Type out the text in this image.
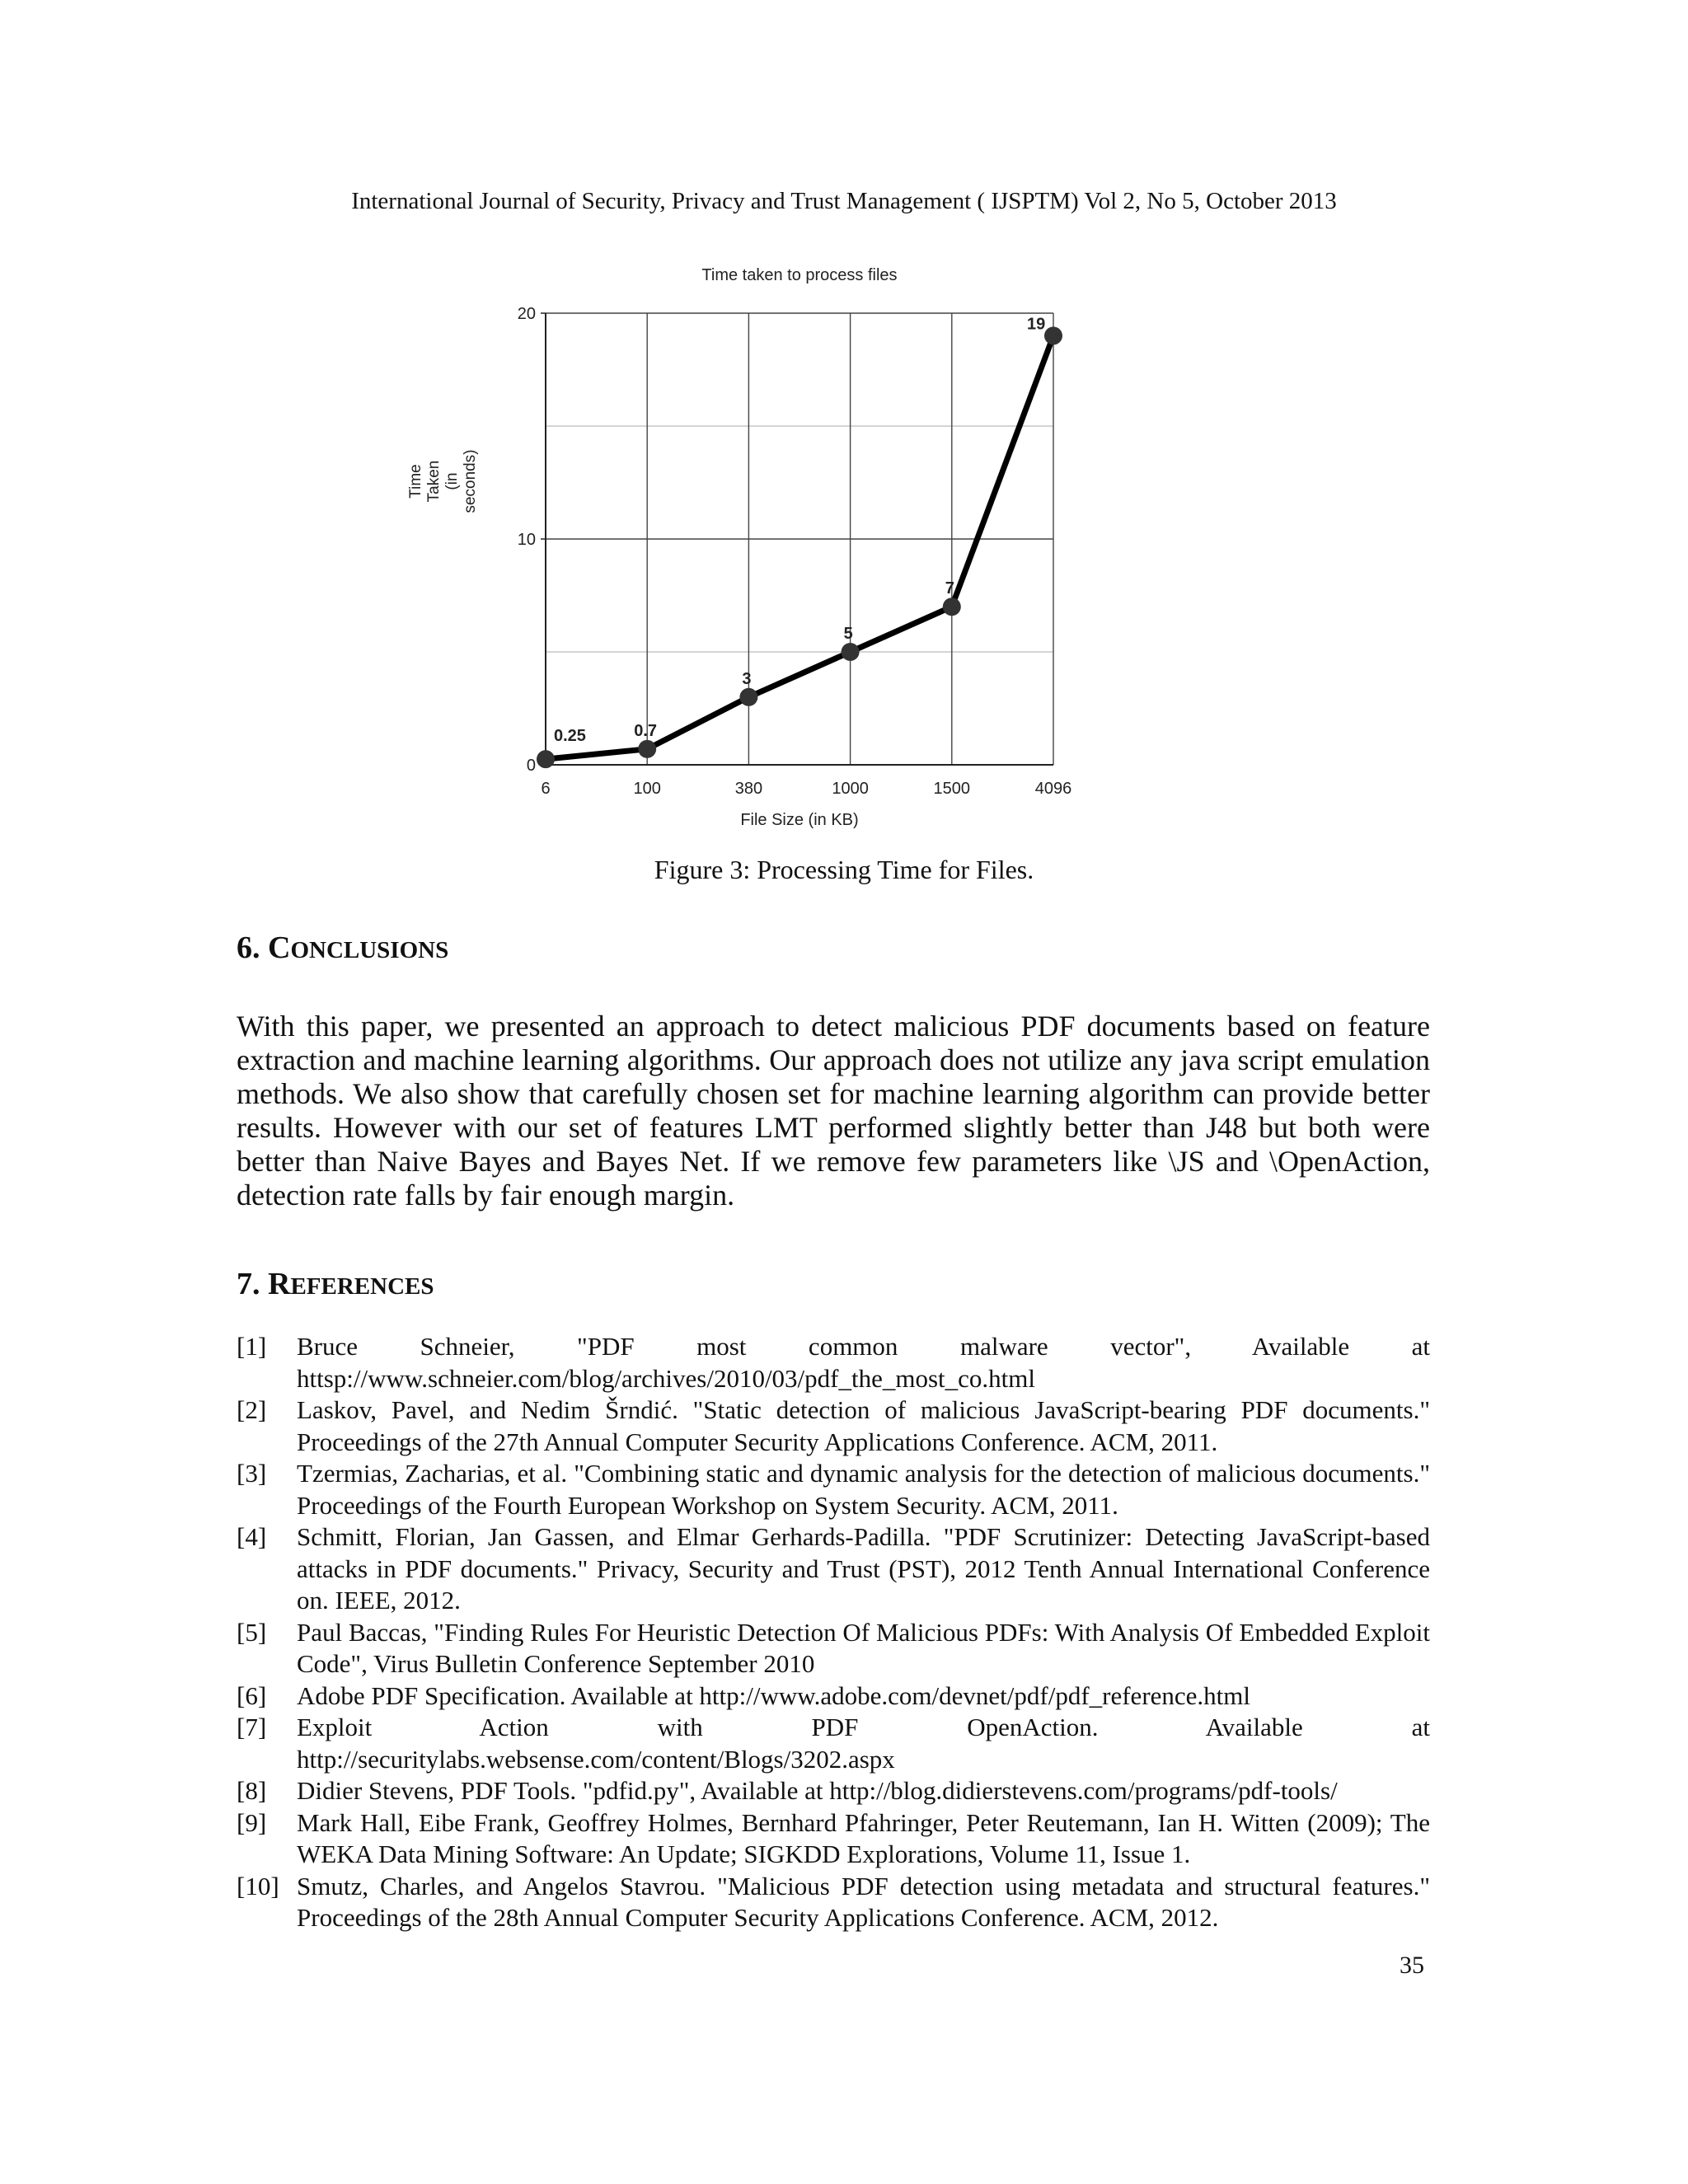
International Journal of Security, Privacy and Trust Management ( IJSPTM) Vol 2, No 5, October 2013
Time taken to process files
0
10
20
6	100	380	1000	1500	4096
File Size (in KB)
Time Taken (in seconds)
0.25	0.7
3
5
7
19
Figure 3: Processing Time for Files.
6. CONCLUSIONS
With this paper, we presented an approach to detect malicious PDF documents based on feature extraction and machine learning algorithms. Our approach does not utilize any java script emulation methods. We also show that carefully chosen set for machine learning algorithm can provide better results. However with our set of features LMT performed slightly better than J48 but both were better than Naive Bayes and Bayes Net. If we remove few parameters like \JS and \OpenAction, detection rate falls by fair enough margin.
7. REFERENCES
[1]	Bruce Schneier, "PDF most common malware vector", Available at
httsp://www.schneier.com/blog/archives/2010/03/pdf_the_most_co.html
[2]	Laskov, Pavel, and Nedim Šrndić. "Static detection of malicious JavaScript-bearing PDF documents." Proceedings of the 27th Annual Computer Security Applications Conference. ACM, 2011.
[3]	Tzermias, Zacharias, et al. "Combining static and dynamic analysis for the detection of malicious documents." Proceedings of the Fourth European Workshop on System Security. ACM, 2011.
[4]	Schmitt, Florian, Jan Gassen, and Elmar Gerhards-Padilla. "PDF Scrutinizer: Detecting JavaScript-based attacks in PDF documents." Privacy, Security and Trust (PST), 2012 Tenth Annual International Conference on. IEEE, 2012.
[5]	Paul Baccas, "Finding Rules For Heuristic Detection Of Malicious PDFs: With Analysis Of Embedded Exploit Code", Virus Bulletin Conference September 2010
[6]	Adobe PDF Specification. Available at http://www.adobe.com/devnet/pdf/pdf_reference.html
[7]	Exploit Action with PDF OpenAction. Available at
http://securitylabs.websense.com/content/Blogs/3202.aspx
[8]	Didier Stevens, PDF Tools. "pdfid.py", Available at http://blog.didierstevens.com/programs/pdf-tools/
[9]	Mark Hall, Eibe Frank, Geoffrey Holmes, Bernhard Pfahringer, Peter Reutemann, Ian H. Witten (2009); The WEKA Data Mining Software: An Update; SIGKDD Explorations, Volume 11, Issue 1.
[10] Smutz, Charles, and Angelos Stavrou. "Malicious PDF detection using metadata and structural features." Proceedings of the 28th Annual Computer Security Applications Conference. ACM, 2012.
35
